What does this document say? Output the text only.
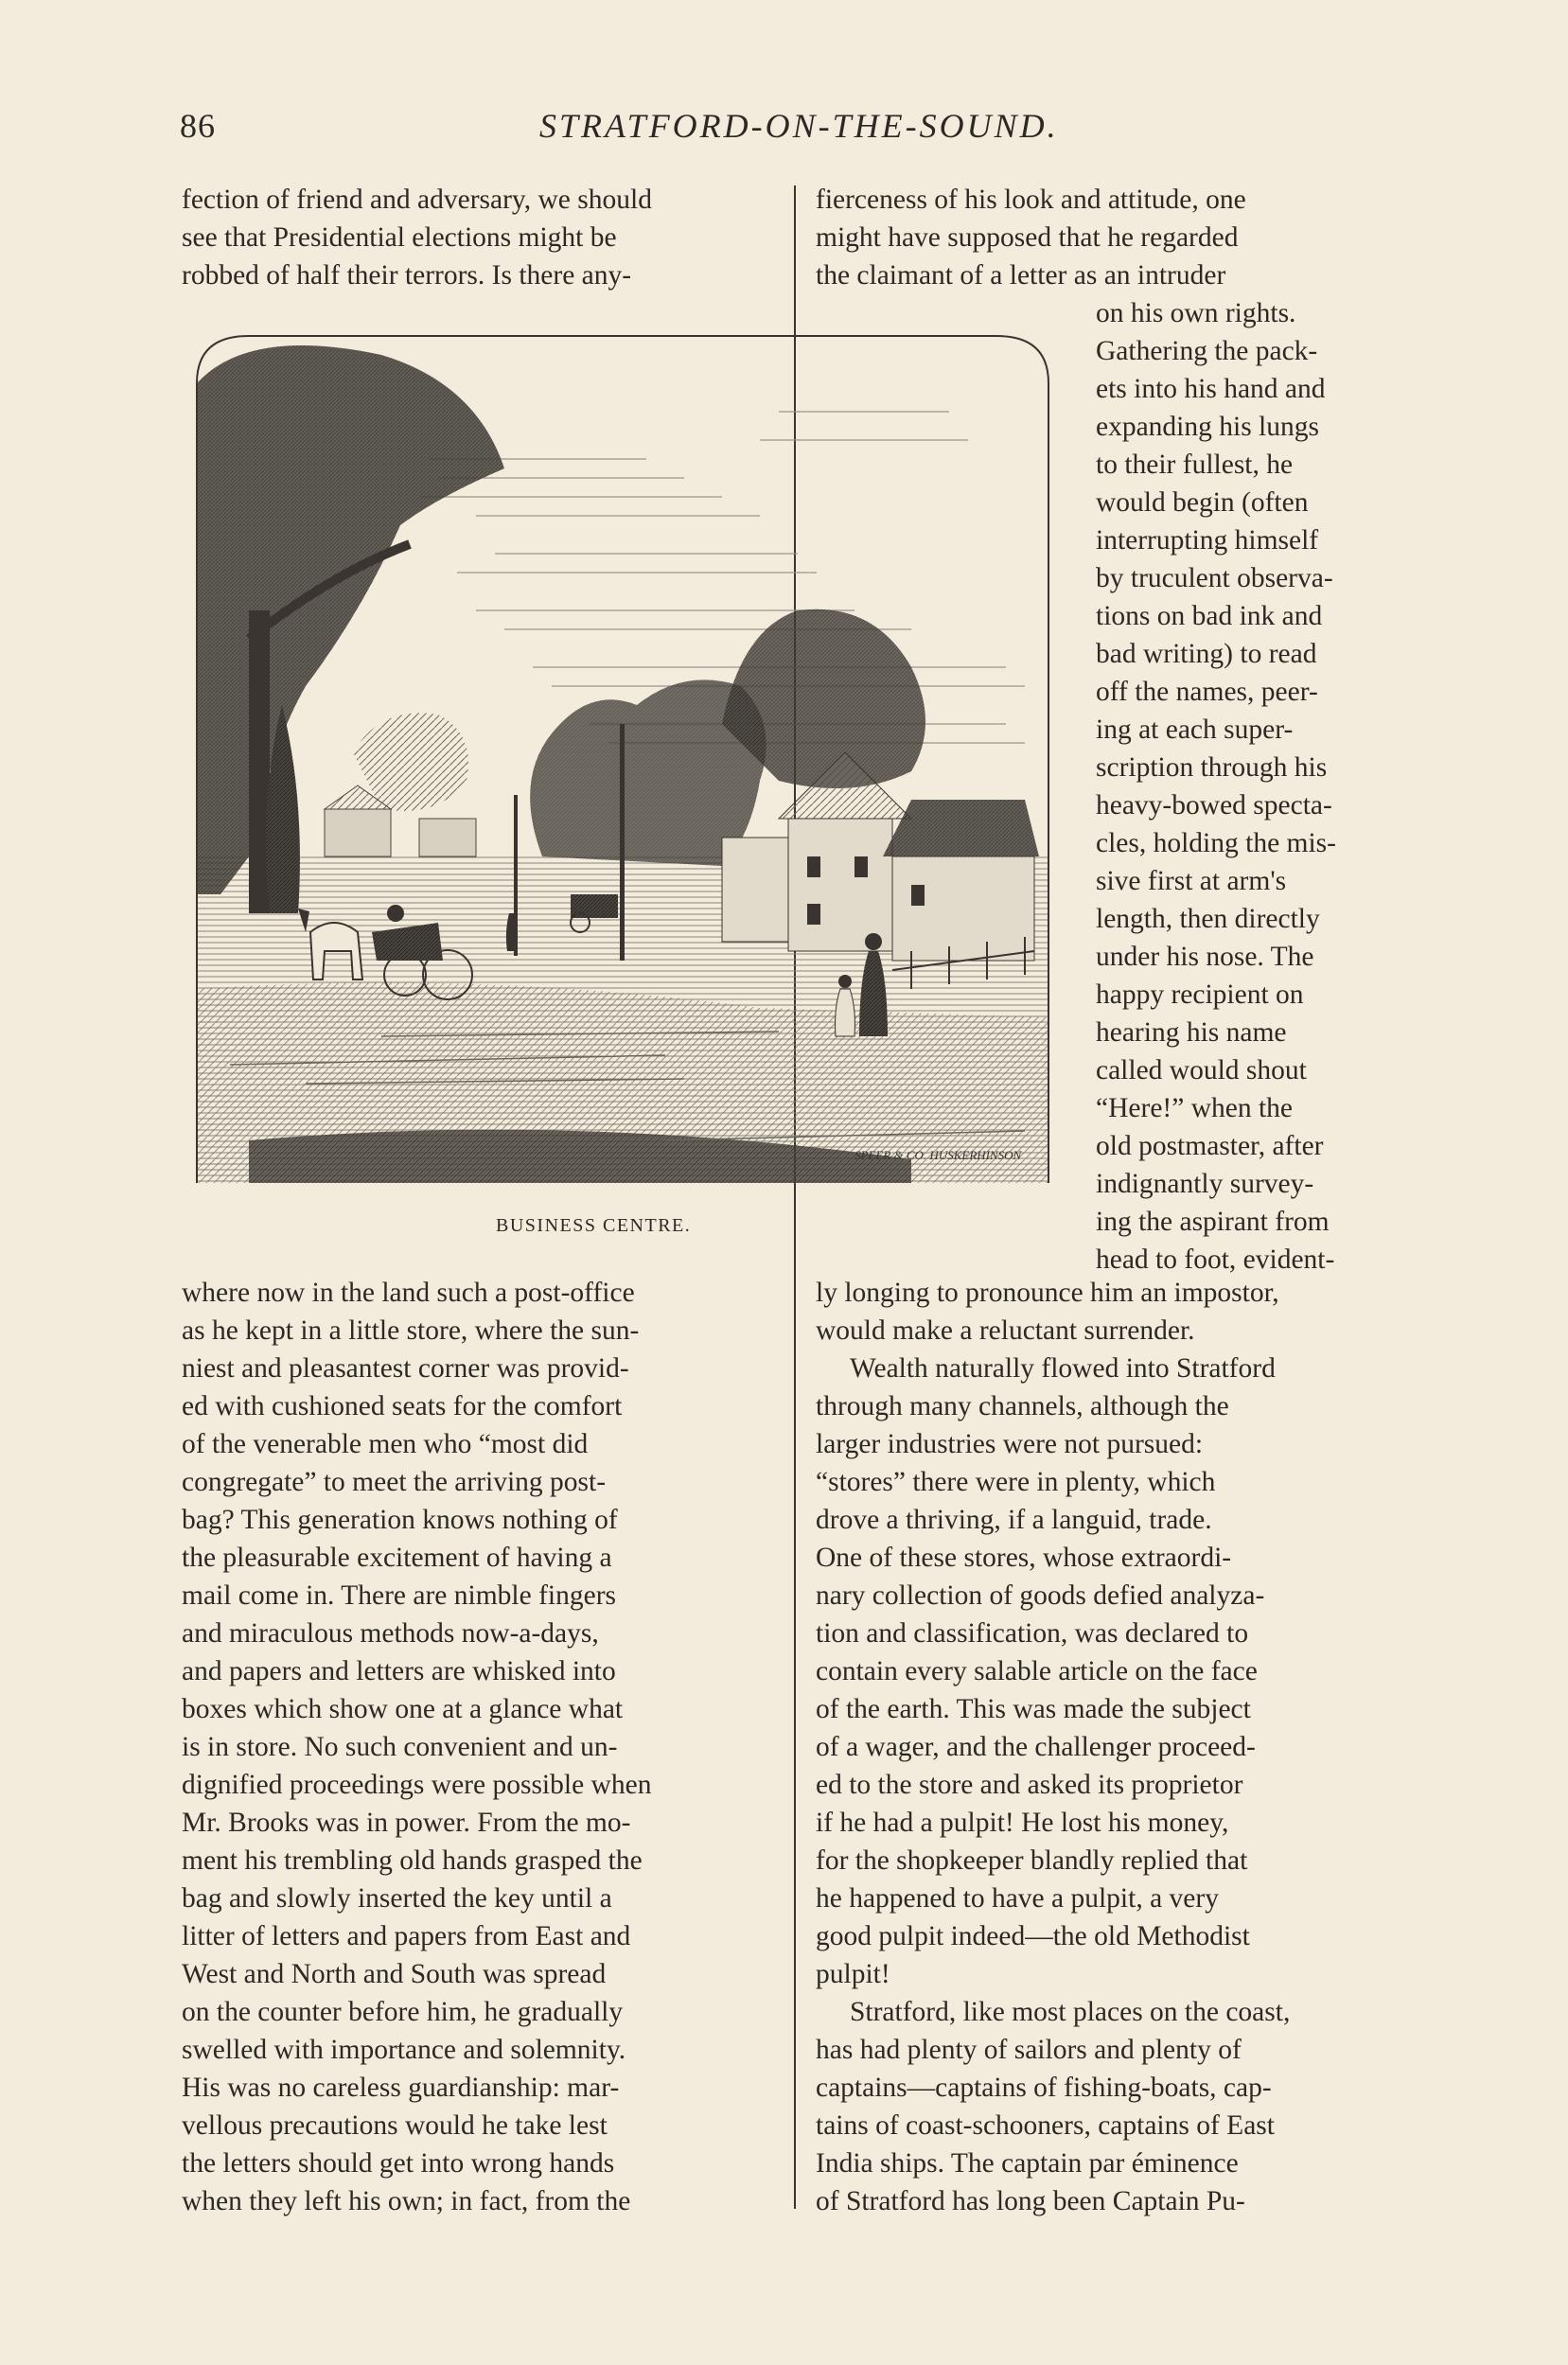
86	STRATFORD-ON-THE-SOUND.
fection of friend and adversary, we should
see that Presidential elections might be
robbed of half their terrors. Is there any-
SPEER & CO. HUSKERHINSON
BUSINESS CENTRE.
where now in the land such a post-office
as he kept in a little store, where the sun-
niest and pleasantest corner was provid-
ed with cushioned seats for the comfort
of the venerable men who “most did
congregate” to meet the arriving post-
bag? This generation knows nothing of
the pleasurable excitement of having a
mail come in. There are nimble fingers
and miraculous methods now-a-days,
and papers and letters are whisked into
boxes which show one at a glance what
is in store. No such convenient and un-
dignified proceedings were possible when
Mr. Brooks was in power. From the mo-
ment his trembling old hands grasped the
bag and slowly inserted the key until a
litter of letters and papers from East and
West and North and South was spread
on the counter before him, he gradually
swelled with importance and solemnity.
His was no careless guardianship: mar-
vellous precautions would he take lest
the letters should get into wrong hands
when they left his own; in fact, from the
fierceness of his look and attitude, one
might have supposed that he regarded
the claimant of a letter as an intruder
on his own rights.
Gathering the pack-
ets into his hand and
expanding his lungs
to their fullest, he
would begin (often
interrupting himself
by truculent observa-
tions on bad ink and
bad writing) to read
off the names, peer-
ing at each super-
scription through his
heavy-bowed specta-
cles, holding the mis-
sive first at arm's
length, then directly
under his nose. The
happy recipient on
hearing his name
called would shout
“Here!” when the
old postmaster, after
indignantly survey-
ing the aspirant from
head to foot, evident-
ly longing to pronounce him an impostor,
would make a reluctant surrender.
Wealth naturally flowed into Stratford
through many channels, although the
larger industries were not pursued:
“stores” there were in plenty, which
drove a thriving, if a languid, trade.
One of these stores, whose extraordi-
nary collection of goods defied analyza-
tion and classification, was declared to
contain every salable article on the face
of the earth. This was made the subject
of a wager, and the challenger proceed-
ed to the store and asked its proprietor
if he had a pulpit! He lost his money,
for the shopkeeper blandly replied that
he happened to have a pulpit, a very
good pulpit indeed—the old Methodist
pulpit!
Stratford, like most places on the coast,
has had plenty of sailors and plenty of
captains—captains of fishing-boats, cap-
tains of coast-schooners, captains of East
India ships. The captain par éminence
of Stratford has long been Captain Pu-
